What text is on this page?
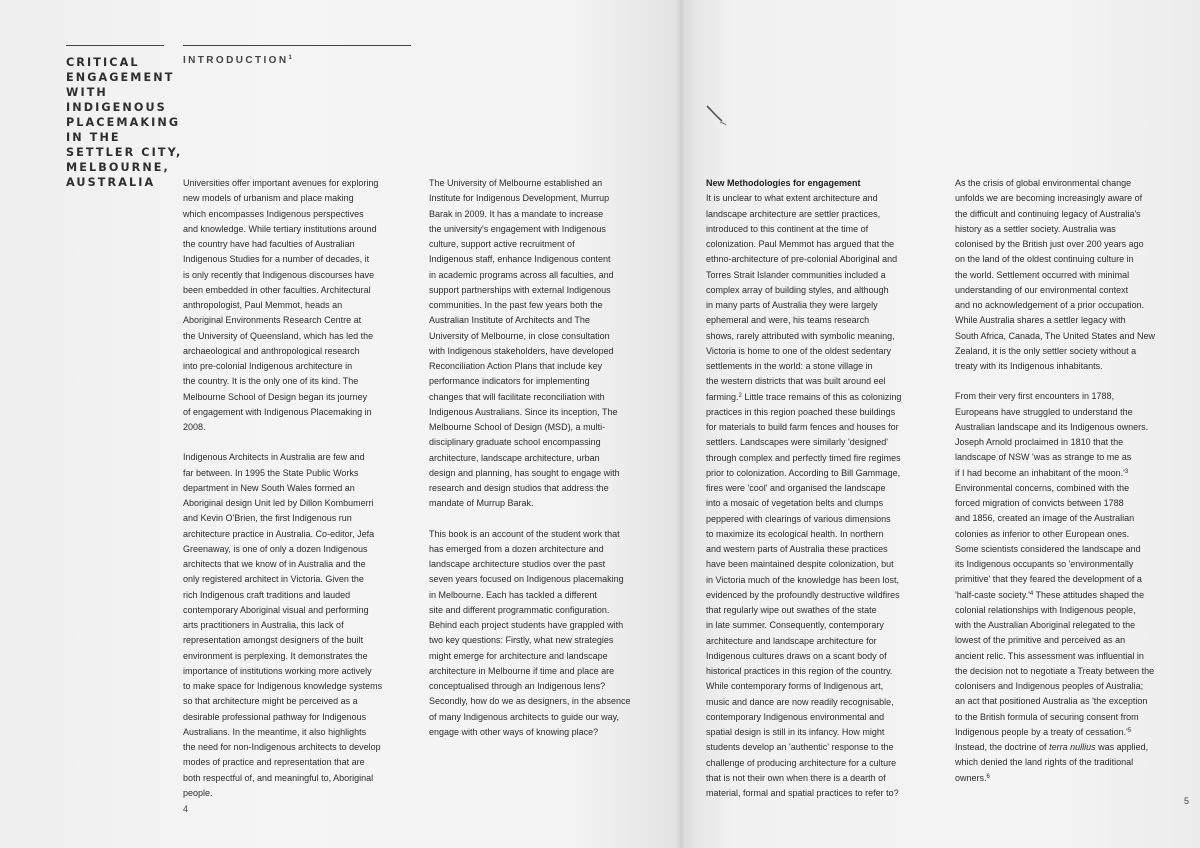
CRITICAL
ENGAGEMENT
WITH
INDIGENOUS
PLACEMAKING
IN THE
SETTLER CITY,
MELBOURNE,
AUSTRALIA
INTRODUCTION$^1$

Universities offer important avenues for exploring
new models of urbanism and place making
which encompasses Indigenous perspectives
and knowledge. While tertiary institutions around
the country have had faculties of Australian
Indigenous Studies for a number of decades, it
is only recently that Indigenous discourses have
been embedded in other faculties. Architectural
anthropologist, Paul Memmot, heads an
Aboriginal Environments Research Centre at
the University of Queensland, which has led the
archaeological and anthropological research
into pre-colonial Indigenous architecture in
the country. It is the only one of its kind. The
Melbourne School of Design began its journey
of engagement with Indigenous Placemaking in
2008.

Indigenous Architects in Australia are few and
far between. In 1995 the State Public Works
department in New South Wales formed an
Aboriginal design Unit led by Dillon Kombumerri
and Kevin O'Brien, the first Indigenous run
architecture practice in Australia. Co-editor, Jefa
Greenaway, is one of only a dozen Indigenous
architects that we know of in Australia and the
only registered architect in Victoria. Given the
rich Indigenous craft traditions and lauded
contemporary Aboriginal visual and performing
arts practitioners in Australia, this lack of
representation amongst designers of the built
environment is perplexing. It demonstrates the
importance of institutions working more actively
to make space for Indigenous knowledge systems
so that architecture might be perceived as a
desirable professional pathway for Indigenous
Australians. In the meantime, it also highlights
the need for non-Indigenous architects to develop
modes of practice and representation that are
both respectful of, and meaningful to, Aboriginal
people.

The University of Melbourne established an
Institute for Indigenous Development, Murrup
Barak in 2009. It has a mandate to increase
the university's engagement with Indigenous
culture, support active recruitment of
Indigenous staff, enhance Indigenous content
in academic programs across all faculties, and
support partnerships with external Indigenous
communities. In the past few years both the
Australian Institute of Architects and The
University of Melbourne, in close consultation
with Indigenous stakeholders, have developed
Reconciliation Action Plans that include key
performance indicators for implementing
changes that will facilitate reconciliation with
Indigenous Australians. Since its inception, The
Melbourne School of Design (MSD), a multi-
disciplinary graduate school encompassing
architecture, landscape architecture, urban
design and planning, has sought to engage with
research and design studios that address the
mandate of Murrup Barak.

This book is an account of the student work that
has emerged from a dozen architecture and
landscape architecture studios over the past
seven years focused on Indigenous placemaking
in Melbourne. Each has tackled a different
site and different programmatic configuration.
Behind each project students have grappled with
two key questions: Firstly, what new strategies
might emerge for architecture and landscape
architecture in Melbourne if time and place are
conceptualised through an Indigenous lens?
Secondly, how do we as designers, in the absence
of many Indigenous architects to guide our way,
engage with other ways of knowing place?

4

New Methodologies for engagement
It is unclear to what extent architecture and
landscape architecture are settler practices,
introduced to this continent at the time of
colonization. Paul Memmot has argued that the
ethno-architecture of pre-colonial Aboriginal and
Torres Strait Islander communities included a
complex array of building styles, and although
in many parts of Australia they were largely
ephemeral and were, his teams research
shows, rarely attributed with symbolic meaning,
Victoria is home to one of the oldest sedentary
settlements in the world: a stone village in
the western districts that was built around eel
farming.$^2$ Little trace remains of this as colonizing
practices in this region poached these buildings
for materials to build farm fences and houses for
settlers. Landscapes were similarly 'designed'
through complex and perfectly timed fire regimes
prior to colonization. According to Bill Gammage,
fires were 'cool' and organised the landscape
into a mosaic of vegetation belts and clumps
peppered with clearings of various dimensions
to maximize its ecological health. In northern
and western parts of Australia these practices
have been maintained despite colonization, but
in Victoria much of the knowledge has been lost,
evidenced by the profoundly destructive wildfires
that regularly wipe out swathes of the state
in late summer. Consequently, contemporary
architecture and landscape architecture for
Indigenous cultures draws on a scant body of
historical practices in this region of the country.
While contemporary forms of Indigenous art,
music and dance are now readily recognisable,
contemporary Indigenous environmental and
spatial design is still in its infancy. How might
students develop an 'authentic' response to the
challenge of producing architecture for a culture
that is not their own when there is a dearth of
material, formal and spatial practices to refer to?

As the crisis of global environmental change
unfolds we are becoming increasingly aware of
the difficult and continuing legacy of Australia's
history as a settler society. Australia was
colonised by the British just over 200 years ago
on the land of the oldest continuing culture in
the world. Settlement occurred with minimal
understanding of our environmental context
and no acknowledgement of a prior occupation.
While Australia shares a settler legacy with
South Africa, Canada, The United States and New
Zealand, it is the only settler society without a
treaty with its Indigenous inhabitants.

From their very first encounters in 1788,
Europeans have struggled to understand the
Australian landscape and its Indigenous owners.
Joseph Arnold proclaimed in 1810 that the
landscape of NSW 'was as strange to me as
if I had become an inhabitant of the $moon.'^3$
Environmental concerns, combined with the
forced migration of convicts between 1788
and 1856, created an image of the Australian
colonies as inferior to other European ones.
Some scientists considered the landscape and
its Indigenous occupants so 'environmentally
primitive' that they feared the development of a
'half-caste $society.'^4$ These attitudes shaped the
colonial relationships with Indigenous people,
with the Australian Aboriginal relegated to the
lowest of the primitive and perceived as an
ancient relic. This assessment was influential in
the decision not to negotiate a Treaty between the
colonisers and Indigenous peoples of Australia;
an act that positioned Australia as 'the exception
to the British formula of securing consent from
Indigenous people by a treaty of $cessation.'^5$
Instead, the doctrine of terra nullius was applied,
which denied the land rights of the traditional
owners.$^6$

5
